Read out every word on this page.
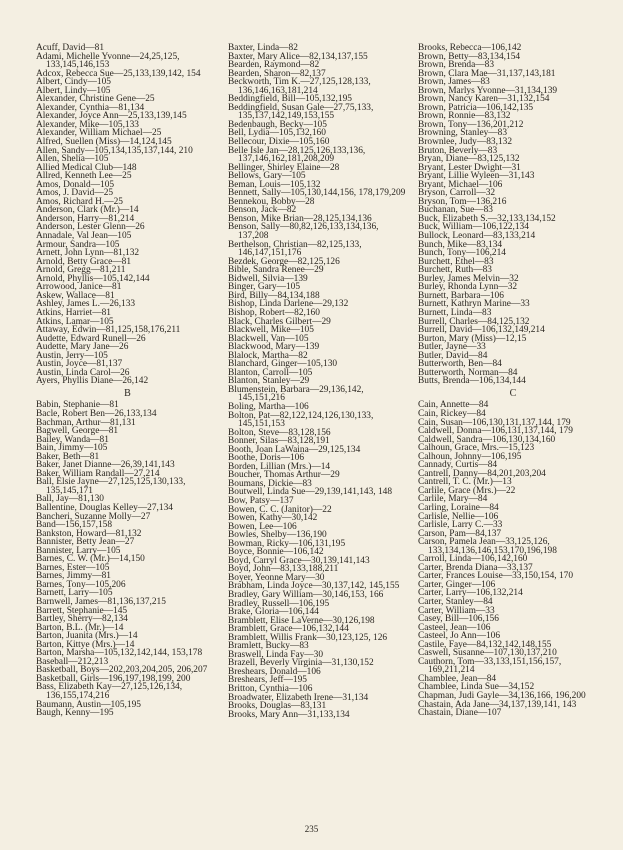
Acuff, David—81
Adami, Michelle Yvonne—24,25,125, 133,145,146,153
Adcox, Rebecca Sue—25,133,139,142, 154
Albert, Cindy—105
Albert, Lindy—105
Alexander, Christine Gene—25
Alexander, Cynthia—81,134
Alexander, Joyce Ann—25,133,139,145
Alexander, Mike—105,133
Alexander, William Michael—25
Alfred, Suellen (Miss)—14,124,145
Allen, Sandy—105,134,135,137,144, 210
Allen, Shelia—105
Allied Medical Club—148
Allred, Kenneth Lee—25
Amos, Donald—105
Amos, J. David—25
Amos, Richard H.—25
Anderson, Clark (Mr.)—14
Anderson, Harry—81,214
Anderson, Lester Glenn—26
Annadale, Val Jean—105
Armour, Sandra—105
Arnett, John Lynn—81,132
Arnold, Betty Grace—81
Arnold, Gregg—81,211
Arnold, Phyllis—105,142,144
Arrowood, Janice—81
Askew, Wallace—81
Ashley, James L.—26,133
Atkins, Harriet—81
Atkins, Lamar—105
Attaway, Edwin—81,125,158,176,211
Audette, Edward Runell—26
Audette, Mary Jane—26
Austin, Jerry—105
Austin, Joyce—81,137
Austin, Linda Carol—26
Ayers, Phyllis Diane—26,142
B
Babin, Stephanie—81
Bacle, Robert Ben—26,133,134
Bachman, Arthur—81,131
Bagwell, George—81
Bailey, Wanda—81
Bain, Jimmy—105
Baker, Beth—81
Baker, Janet Dianne—26,39,141,143
Baker, William Randall—27,214
Ball, Elsie Jayne—27,125,125,130,133, 135,145,171
Ball, Jay—81,130
Ballentine, Douglas Kelley—27,134
Bancheri, Suzanne Molly—27
Band—156,157,158
Bankston, Howard—81,132
Bannister, Betty Jean—27
Bannister, Larry—105
Barnes, C. W. (Mr.)—14,150
Barnes, Ester—105
Barnes, Jimmy—81
Barnes, Tony—105,206
Barnett, Larry—105
Barnwell, James—81,136,137,215
Barrett, Stephanie—145
Bartley, Sherry—82,134
Barton, B.L. (Mr.)—14
Barton, Juanita (Mrs.)—14
Barton, Kittye (Mrs.)—14
Barton, Marsha—105,132,142,144, 153,178
Baseball—212,213
Basketball, Boys—202,203,204,205, 206,207
Basketball, Girls—196,197,198,199, 200
Bass, Elizabeth Kay—27,125,126,134, 136,155,174,216
Baumann, Austin—105,195
Baugh, Kenny—195
Baxter, Linda—82
Baxter, Mary Alice—82,134,137,155
Bearden, Raymond—82
Bearden, Sharon—82,137
Beckworth, Tim K.—27,125,128,133, 136,146,163,181,214
Beddingfield, Bill—105,132,195
Beddingfield, Susan Gale—27,75,133, 135,137,142,149,153,155
Bedenbaugh, Becky—105
Bell, Lydia—105,132,160
Bellecour, Dixie—105,160
Belle Isle Jan—28,125,126,133,136, 137,146,162,181,208,209
Bellinger, Shirley Elaine—28
Bellows, Gary—105
Beman, Louis—105,132
Bennett, Sally—105,130,144,156, 178,179,209
Bennekou, Bobby—28
Benson, Jack—82
Benson, Mike Brian—28,125,134,136
Benson, Sally—80,82,126,133,134,136, 137,208
Berthelson, Christian—82,125,133, 146,147,151,176
Bezdek, George—82,125,126
Bible, Sandra Renee—29
Bidwell, Silvia—139
Binger, Gary—105
Bird, Billy—84,134,188
Bishop, Linda Darlene—29,132
Bishop, Robert—82,160
Black, Charles Gilbert—29
Blackwell, Mike—105
Blackwell, Van—105
Blackwood, Mary—139
Blalock, Martha—82
Blanchard, Ginger—105,130
Blanton, Carroll—105
Blanton, Stanley—29
Blumenstein, Barbara—29,136,142, 145,151,216
Boling, Martha—106
Bolton, Pat—82,122,124,126,130,133, 145,151,153
Bolton, Steve—83,128,156
Bonner, Silas—83,128,191
Booth, Joan LaWaina—29,125,134
Boothe, Doris—106
Borden, Lillian (Mrs.)—14
Boucher, Thomas Arthur—29
Boumans, Dickie—83
Boutwell, Linda Sue—29,139,141,143, 148
Bow, Patsy—137
Bowen, C. C. (Janitor)—22
Bowen, Kathy—30,142
Bowen, Lee—106
Bowles, Shelby—136,190
Bowman, Ricky—106,131,195
Boyce, Bonnie—106,142
Boyd, Carryl Grace—30,139,141,143
Boyd, John—83,133,188,211
Boyer, Yeonne Mary—30
Brabham, Linda Joyce—30,137,142, 145,155
Bradley, Gary William—30,146,153, 166
Bradley, Russell—106,195
Brake, Gloria—106,144
Bramblett, Elise LaVerne—30,126,198
Bramblett, Grace—106,132,144
Bramblett, Willis Frank—30,123,125, 126
Bramlett, Bucky—83
Braswell, Linda Fay—30
Brazell, Beverly Virginia—31,130,152
Breshears, Donald—106
Breshears, Jeff—195
Britton, Cynthia—106
Broadwater, Elizabeth Irene—31,134
Brooks, Douglas—83,131
Brooks, Mary Ann—31,133,134
Brooks, Rebecca—106,142
Brown, Betty—83,134,154
Brown, Brenda—83
Brown, Clara Mae—31,137,143,181
Brown, James—83
Brown, Marlys Yvonne—31,134,139
Brown, Nancy Karen—31,132,154
Brown, Patricia—106,142,135
Brown, Ronnie—83,132
Brown, Tony—136,201,212
Browning, Stanley—83
Brownlee, Judy—83,132
Bruton, Beverly—83
Bryan, Diane—83,125,132
Bryant, Lester Dwight—31
Bryant, Lillie Wyleen—31,143
Bryant, Michael—106
Bryson, Carroll—32
Bryson, Tom—136,216
Buchanan, Sue—83
Buck, Elizabeth S.—32,133,134,152
Buck, William—106,122,134
Bullock, Leonard—83,133,214
Bunch, Mike—83,134
Bunch, Tony—106,214
Burchett, Ethel—83
Burchett, Ruth—83
Burley, James Melvin—32
Burley, Rhonda Lynn—32
Burnett, Barbara—106
Burnett, Kathryn Marine—33
Burnett, Linda—83
Burrell, Charles—84,125,132
Burrell, David—106,132,149,214
Burton, Mary (Miss)—12,15
Butler, Jayne—33
Butler, David—84
Butterworth, Ben—84
Butterworth, Norman—84
Butts, Brenda—106,134,144
C
Cain, Annette—84
Cain, Rickey—84
Cain, Susan—106,130,131,137,144, 179
Caldwell, Donna—106,131,137,144, 179
Caldwell, Sandra—106,130,134,160
Calhoun, Grace, Mrs.—15,123
Calhoun, Johnny—106,195
Cannady, Curtis—84
Cantrell, Danny—84,201,203,204
Cantrell, T. C. (Mr.)—13
Carlile, Grace (Mrs.)—22
Carlile, Mary—84
Carling, Loraine—84
Carlisle, Nellie—106
Carlisle, Larry C.—33
Carson, Pam—84,137
Carson, Pamela Jean—33,125,126, 133,134,136,146,153,170,196,198
Carroll, Linda—106,142,160
Carter, Brenda Diana—33,137
Carter, Frances Louise—33,150,154, 170
Carter, Ginger—106
Carter, Larry—106,132,214
Carter, Stanley—84
Carter, William—33
Casey, Bill—106,156
Casteel, Jean—106
Casteel, Jo Ann—106
Castile, Faye—84,132,142,148,155
Caswell, Susanne—107,130,137,210
Cauthorn, Tom—33,133,151,156,157, 169,211,214
Chamblee, Jean—84
Chamblee, Linda Sue—34,152
Chapman, Judi Gayle—34,136,166, 196,200
Chastain, Ada Jane—34,137,139,141, 143
Chastain, Diane—107
235
